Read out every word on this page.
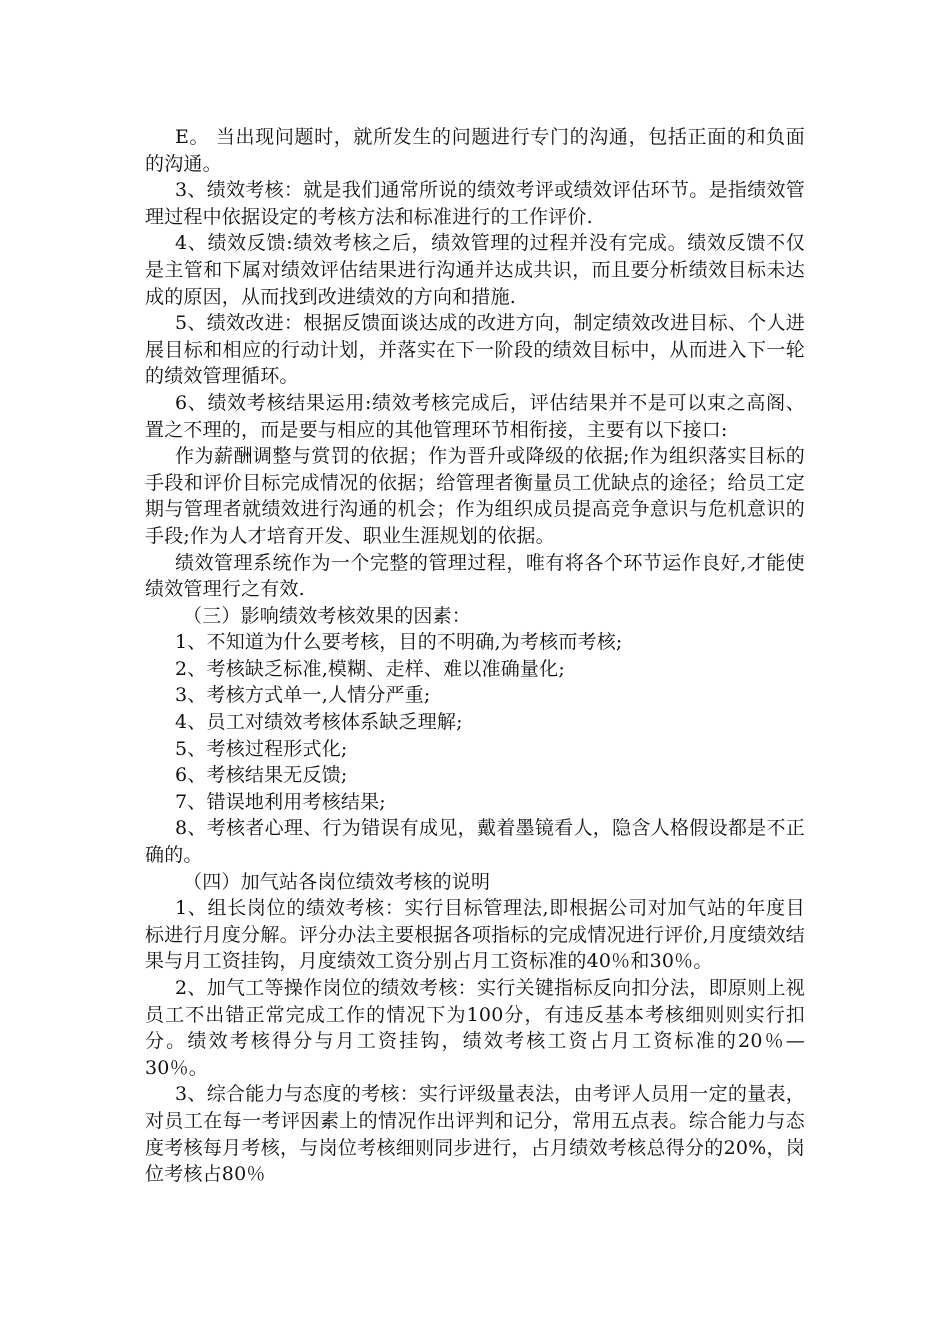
E。 当出现问题时，就所发生的问题进行专门的沟通，包括正面的和负面的沟通。

3、绩效考核：就是我们通常所说的绩效考评或绩效评估环节。是指绩效管理过程中依据设定的考核方法和标准进行的工作评价.

4、绩效反馈:绩效考核之后，绩效管理的过程并没有完成。绩效反馈不仅是主管和下属对绩效评估结果进行沟通并达成共识，而且要分析绩效目标未达成的原因，从而找到改进绩效的方向和措施.

5、绩效改进：根据反馈面谈达成的改进方向，制定绩效改进目标、个人进展目标和相应的行动计划，并落实在下一阶段的绩效目标中，从而进入下一轮的绩效管理循环。

6、绩效考核结果运用:绩效考核完成后，评估结果并不是可以束之高阁、置之不理的，而是要与相应的其他管理环节相衔接，主要有以下接口:

作为薪酬调整与赏罚的依据；作为晋升或降级的依据;作为组织落实目标的手段和评价目标完成情况的依据；给管理者衡量员工优缺点的途径；给员工定期与管理者就绩效进行沟通的机会；作为组织成员提高竞争意识与危机意识的手段;作为人才培育开发、职业生涯规划的依据。

绩效管理系统作为一个完整的管理过程，唯有将各个环节运作良好,才能使绩效管理行之有效.

（三）影响绩效考核效果的因素：

1、不知道为什么要考核，目的不明确,为考核而考核;

2、考核缺乏标准,模糊、走样、难以准确量化;

3、考核方式单一,人情分严重;

4、员工对绩效考核体系缺乏理解;

5、考核过程形式化;

6、考核结果无反馈;

7、错误地利用考核结果;

8、考核者心理、行为错误有成见，戴着墨镜看人，隐含人格假设都是不正确的。

（四）加气站各岗位绩效考核的说明

1、组长岗位的绩效考核：实行目标管理法,即根据公司对加气站的年度目标进行月度分解。评分办法主要根据各项指标的完成情况进行评价,月度绩效结果与月工资挂钩，月度绩效工资分别占月工资标准的40％和30％。

2、加气工等操作岗位的绩效考核：实行关键指标反向扣分法，即原则上视员工不出错正常完成工作的情况下为100分，有违反基本考核细则则实行扣分。绩效考核得分与月工资挂钩，绩效考核工资占月工资标准的20％—30％。

3、综合能力与态度的考核：实行评级量表法，由考评人员用一定的量表，对员工在每一考评因素上的情况作出评判和记分，常用五点表。综合能力与态度考核每月考核，与岗位考核细则同步进行，占月绩效考核总得分的20%，岗位考核占80％
